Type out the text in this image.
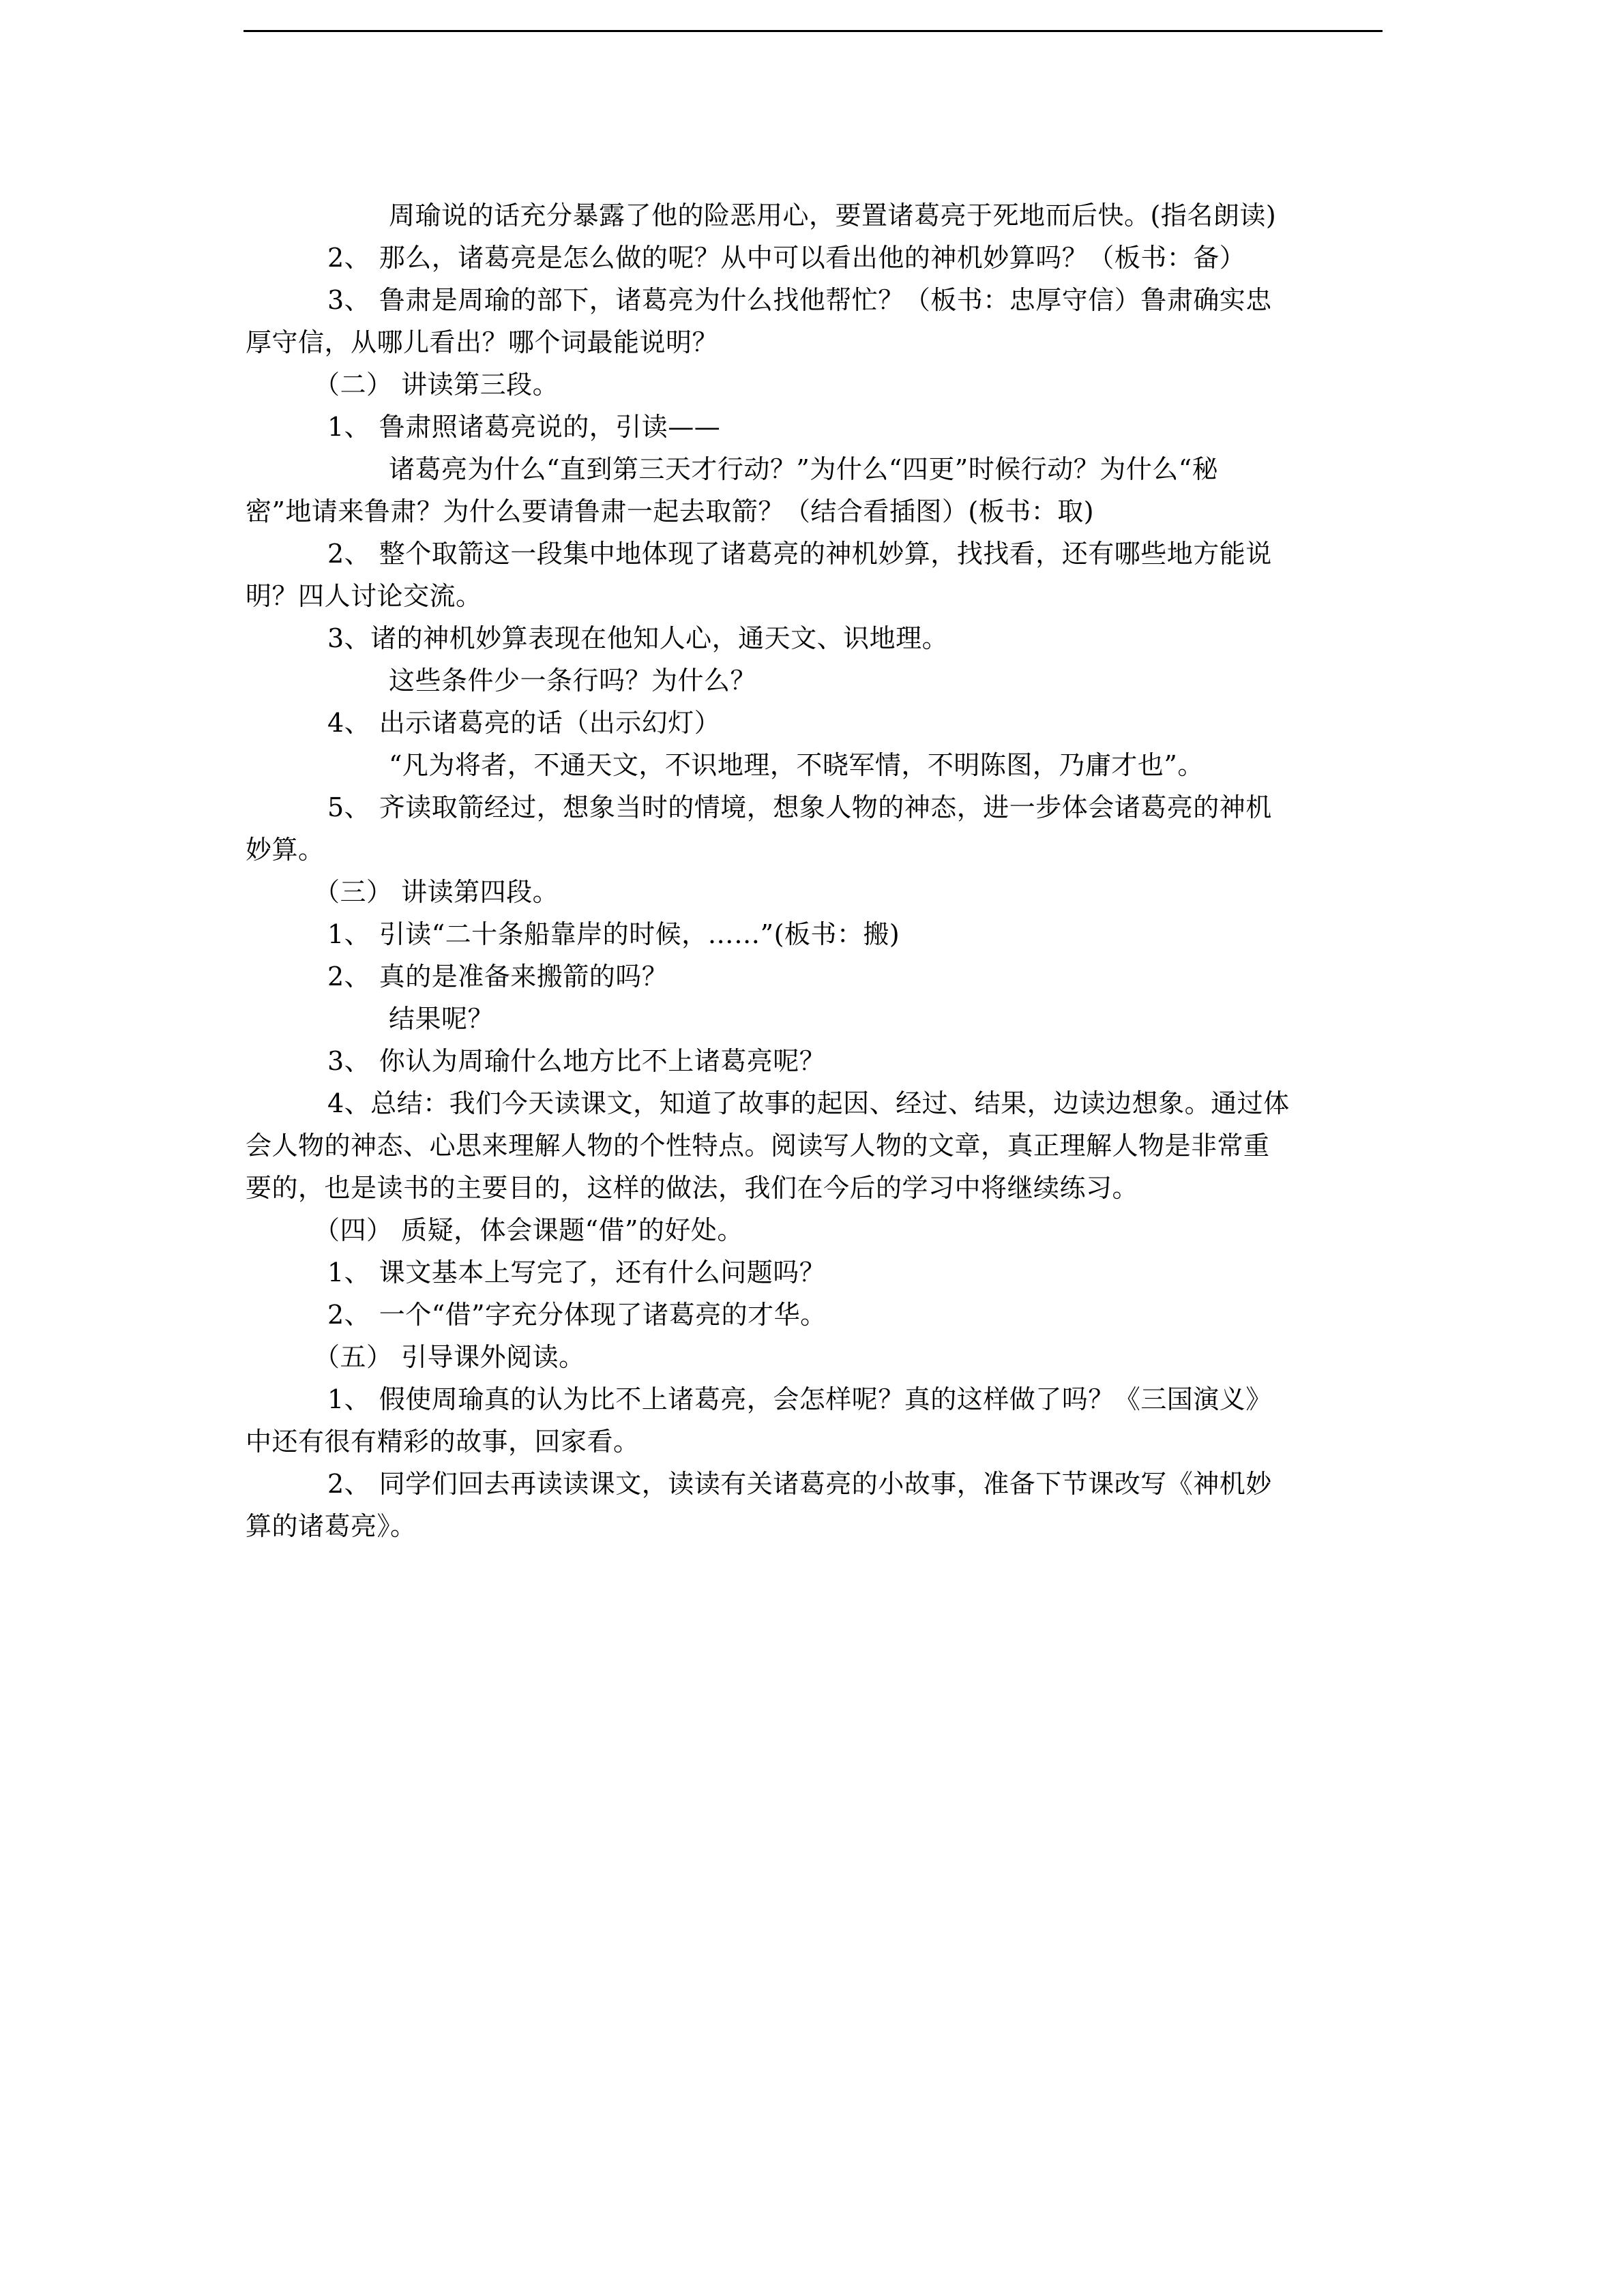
周瑜说的话充分暴露了他的险恶用心，要置诸葛亮于死地而后快。(指名朗读)
2、 那么，诸葛亮是怎么做的呢？从中可以看出他的神机妙算吗？（板书：备）
3、 鲁肃是周瑜的部下，诸葛亮为什么找他帮忙？（板书：忠厚守信）鲁肃确实忠
厚守信，从哪儿看出？哪个词最能说明？
（二） 讲读第三段。
1、 鲁肃照诸葛亮说的，引读——
诸葛亮为什么“直到第三天才行动？”为什么“四更”时候行动？为什么“秘
密”地请来鲁肃？为什么要请鲁肃一起去取箭？（结合看插图）(板书：取)
2、 整个取箭这一段集中地体现了诸葛亮的神机妙算，找找看，还有哪些地方能说
明？四人讨论交流。
3、诸的神机妙算表现在他知人心，通天文、识地理。
这些条件少一条行吗？为什么？
4、 出示诸葛亮的话（出示幻灯）
“凡为将者，不通天文，不识地理，不晓军情，不明陈图，乃庸才也”。
5、 齐读取箭经过，想象当时的情境，想象人物的神态，进一步体会诸葛亮的神机
妙算。
（三） 讲读第四段。
1、 引读“二十条船靠岸的时候，……”(板书：搬)
2、 真的是准备来搬箭的吗？
结果呢？
3、 你认为周瑜什么地方比不上诸葛亮呢？
4、总结：我们今天读课文，知道了故事的起因、经过、结果，边读边想象。通过体
会人物的神态、心思来理解人物的个性特点。阅读写人物的文章，真正理解人物是非常重
要的，也是读书的主要目的，这样的做法，我们在今后的学习中将继续练习。
（四） 质疑，体会课题“借”的好处。
1、 课文基本上写完了，还有什么问题吗？
2、 一个“借”字充分体现了诸葛亮的才华。
（五） 引导课外阅读。
1、 假使周瑜真的认为比不上诸葛亮，会怎样呢？真的这样做了吗？《三国演义》
中还有很有精彩的故事，回家看。
2、 同学们回去再读读课文，读读有关诸葛亮的小故事，准备下节课改写《神机妙
算的诸葛亮》。
